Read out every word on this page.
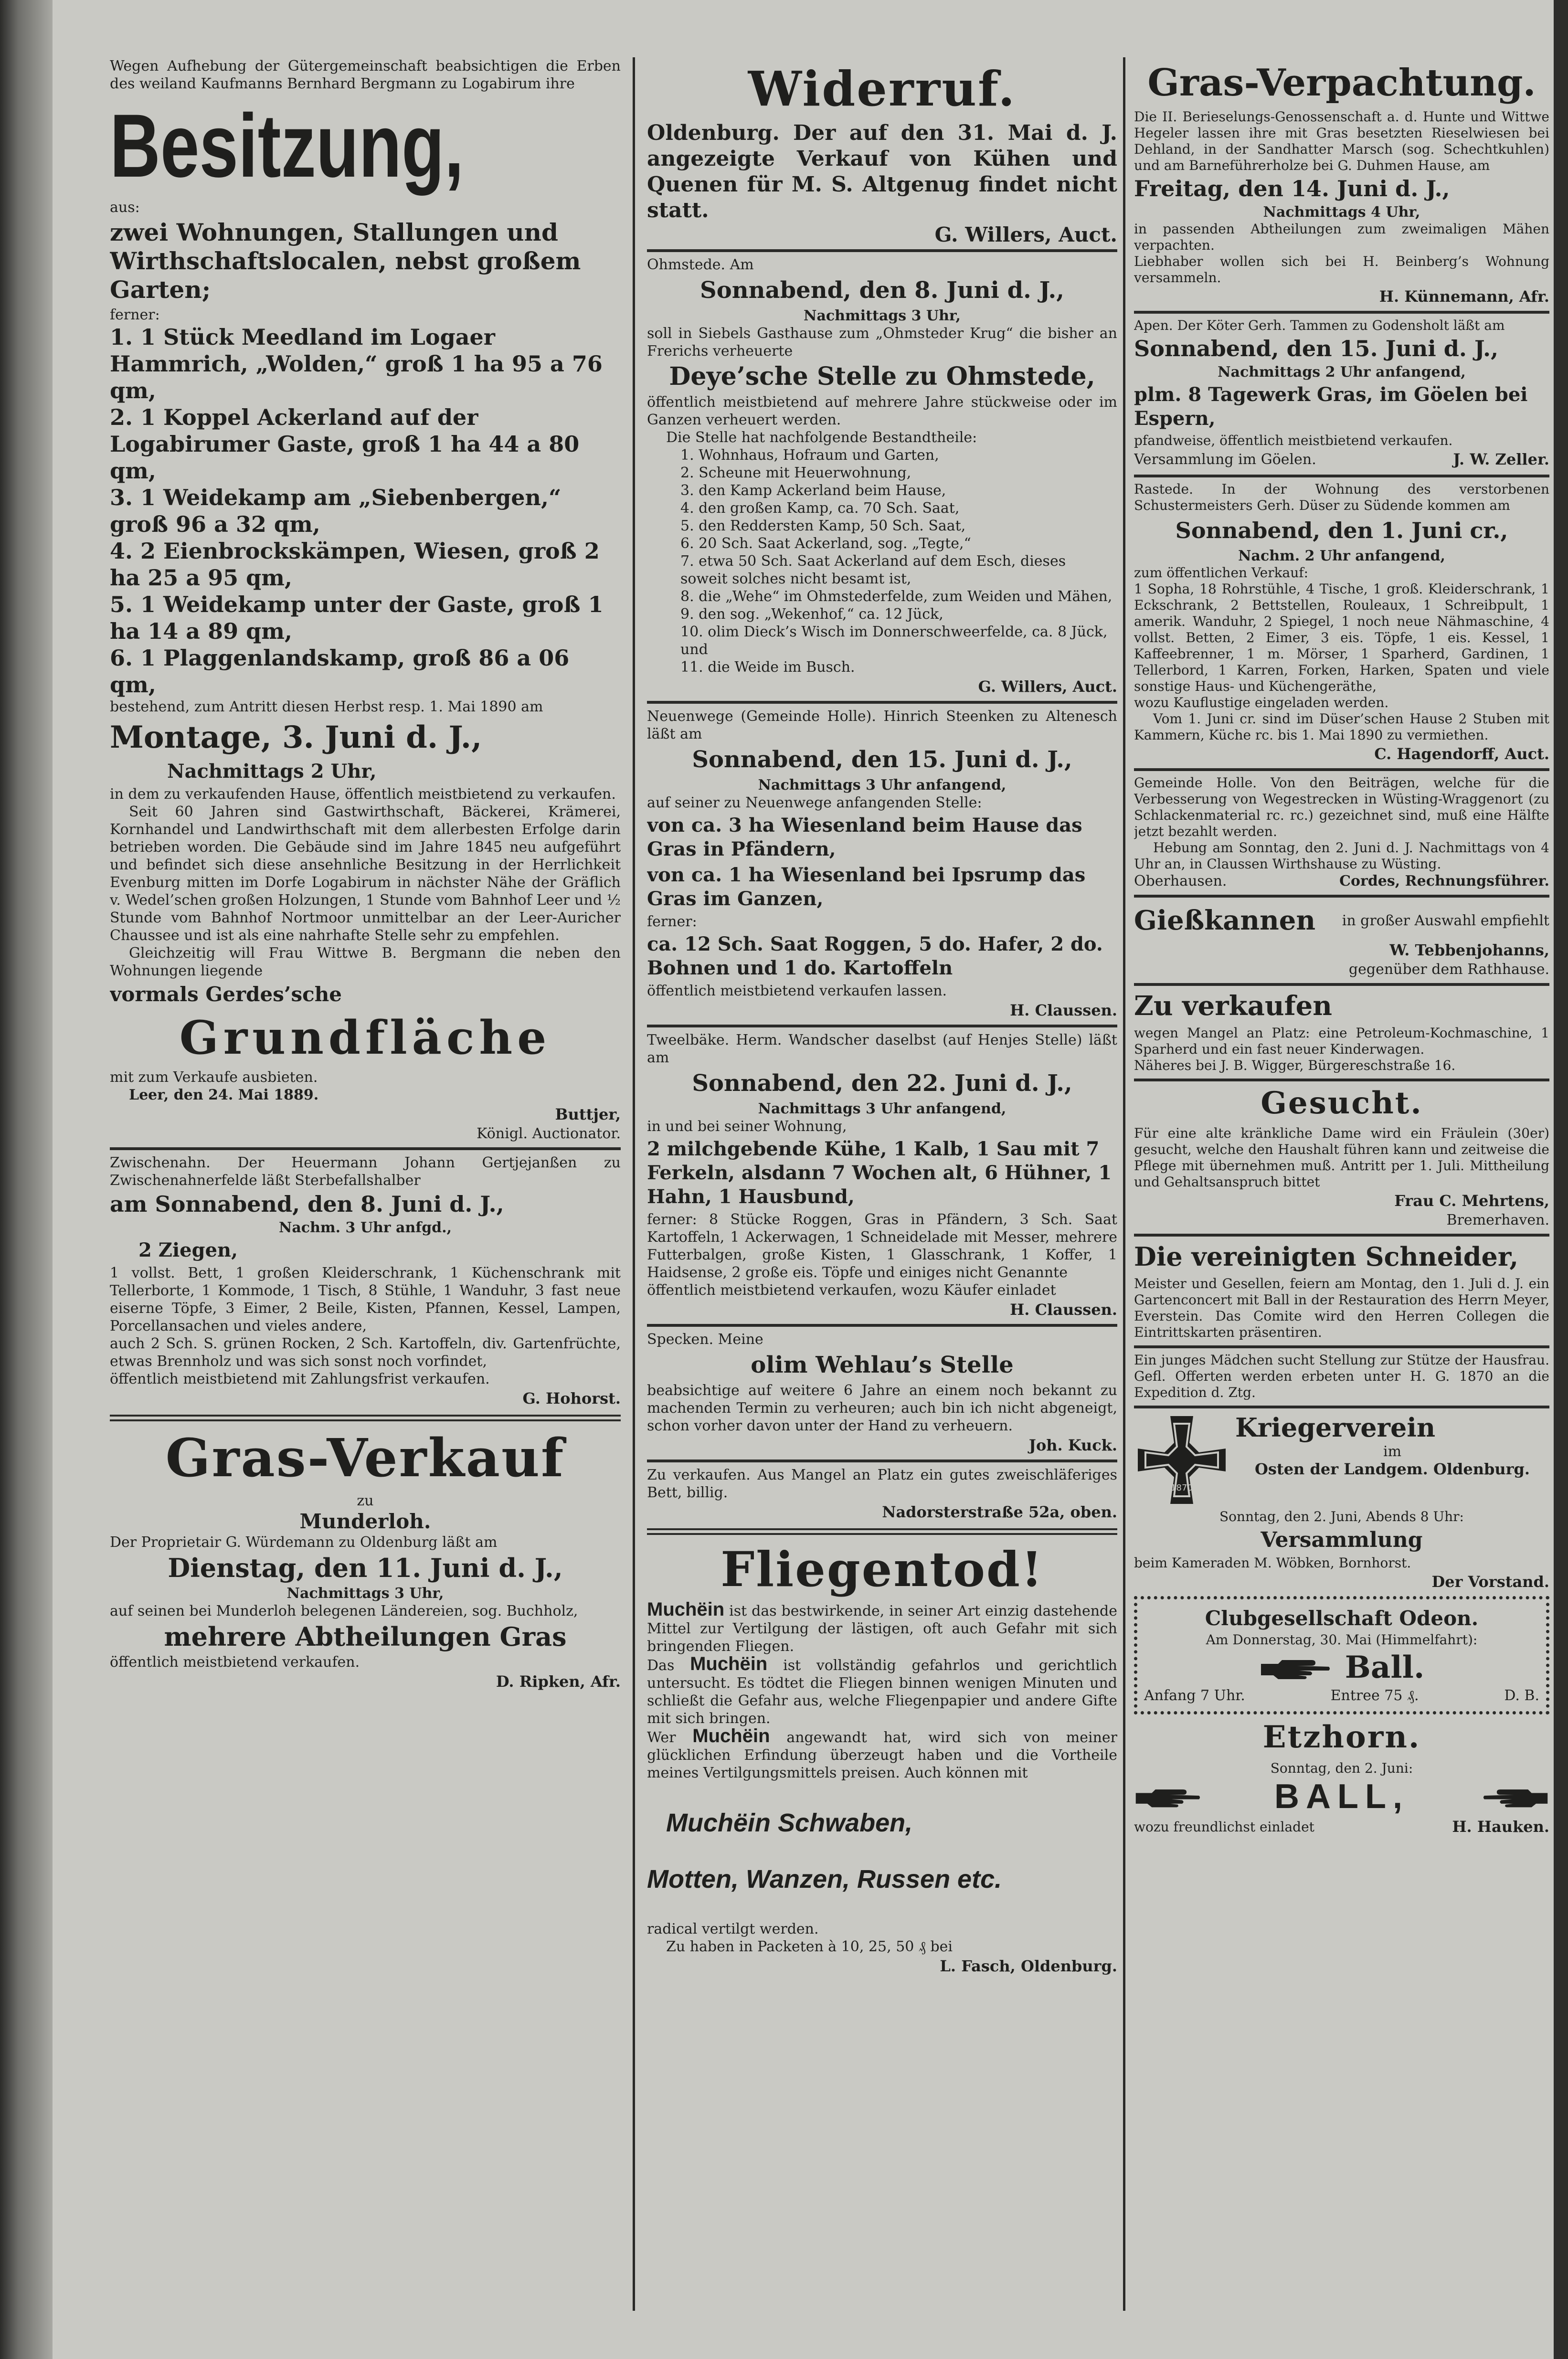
Wegen Aufhebung der Gütergemeinschaft beabsichtigen die Erben des weiland Kaufmanns Bernhard Bergmann zu Logabirum ihre

Besitzung,

aus:

zwei Wohnungen, Stallungen und Wirthschaftslocalen, nebst großem Garten;

ferner:

1. 1 Stück Meedland im Logaer Hammrich, „Wolden,“ groß 1 ha 95 a 76 qm,

2. 1 Koppel Ackerland auf der Logabirumer Gaste, groß 1 ha 44 a 80 qm,

3. 1 Weidekamp am „Siebenbergen,“ groß 96 a 32 qm,

4. 2 Eienbrockskämpen, Wiesen, groß 2 ha 25 a 95 qm,

5. 1 Weidekamp unter der Gaste, groß 1 ha 14 a 89 qm,

6. 1 Plaggenlandskamp, groß 86 a 06 qm,

bestehend, zum Antritt diesen Herbst resp. 1. Mai 1890 am

Montage, 3. Juni d. J.,

Nachmittags 2 Uhr,

in dem zu verkaufenden Hause, öffentlich meistbietend zu verkaufen.

Seit 60 Jahren sind Gastwirthschaft, Bäckerei, Krämerei, Kornhandel und Landwirthschaft mit dem allerbesten Erfolge darin betrieben worden. Die Gebäude sind im Jahre 1845 neu aufgeführt und befindet sich diese ansehnliche Besitzung in der Herrlichkeit Evenburg mitten im Dorfe Logabirum in nächster Nähe der Gräflich v. Wedel’schen großen Holzungen, 1 Stunde vom Bahnhof Leer und ½ Stunde vom Bahnhof Nortmoor unmittelbar an der Leer-Auricher Chaussee und ist als eine nahrhafte Stelle sehr zu empfehlen.

Gleichzeitig will Frau Wittwe B. Bergmann die neben den Wohnungen liegende

vormals Gerdes’sche

Grundfläche

mit zum Verkaufe ausbieten.

Leer, den 24. Mai 1889.

Buttjer,

Königl. Auctionator.

Zwischenahn. Der Heuermann Johann Gertjejanßen zu Zwischenahnerfelde läßt Sterbefallshalber

am Sonnabend, den 8. Juni d. J.,

Nachm. 3 Uhr anfgd.,

2 Ziegen,

1 vollst. Bett, 1 großen Kleiderschrank, 1 Küchenschrank mit Tellerborte, 1 Kommode, 1 Tisch, 8 Stühle, 1 Wanduhr, 3 fast neue eiserne Töpfe, 3 Eimer, 2 Beile, Kisten, Pfannen, Kessel, Lampen, Porcellansachen und vieles andere,

auch 2 Sch. S. grünen Rocken, 2 Sch. Kartoffeln, div. Gartenfrüchte, etwas Brennholz und was sich sonst noch vorfindet,

öffentlich meistbietend mit Zahlungsfrist verkaufen.

G. Hohorst.

Gras-Verkauf

zu

Munderloh.

Der Proprietair G. Würdemann zu Oldenburg läßt am

Dienstag, den 11. Juni d. J.,

Nachmittags 3 Uhr,

auf seinen bei Munderloh belegenen Ländereien, sog. Buchholz,

mehrere Abtheilungen Gras

öffentlich meistbietend verkaufen.

D. Ripken, Afr.

Widerruf.

Oldenburg. Der auf den 31. Mai d. J. angezeigte Verkauf von Kühen und Quenen für M. S. Altgenug findet nicht statt.

G. Willers, Auct.

Ohmstede. Am

Sonnabend, den 8. Juni d. J.,

Nachmittags 3 Uhr,

soll in Siebels Gasthause zum „Ohmsteder Krug“ die bisher an Frerichs verheuerte

Deye’sche Stelle zu Ohmstede,

öffentlich meistbietend auf mehrere Jahre stückweise oder im Ganzen verheuert werden.

Die Stelle hat nachfolgende Bestandtheile:

1. Wohnhaus, Hofraum und Garten,

2. Scheune mit Heuerwohnung,

3. den Kamp Ackerland beim Hause,

4. den großen Kamp, ca. 70 Sch. Saat,

5. den Reddersten Kamp, 50 Sch. Saat,

6. 20 Sch. Saat Ackerland, sog. „Tegte,“

7. etwa 50 Sch. Saat Ackerland auf dem Esch, dieses soweit solches nicht besamt ist,

8. die „Wehe“ im Ohmstederfelde, zum Weiden und Mähen,

9. den sog. „Wekenhof,“ ca. 12 Jück,

10. olim Dieck’s Wisch im Donnerschweerfelde, ca. 8 Jück, und

11. die Weide im Busch.

G. Willers, Auct.

Neuenwege (Gemeinde Holle). Hinrich Steenken zu Altenesch läßt am

Sonnabend, den 15. Juni d. J.,

Nachmittags 3 Uhr anfangend,

auf seiner zu Neuenwege anfangenden Stelle:

von ca. 3 ha Wiesenland beim Hause das Gras in Pfändern,

von ca. 1 ha Wiesenland bei Ipsrump das Gras im Ganzen,

ferner:

ca. 12 Sch. Saat Roggen, 5 do. Hafer, 2 do. Bohnen und 1 do. Kartoffeln

öffentlich meistbietend verkaufen lassen.

H. Claussen.

Tweelbäke. Herm. Wandscher daselbst (auf Henjes Stelle) läßt am

Sonnabend, den 22. Juni d. J.,

Nachmittags 3 Uhr anfangend,

in und bei seiner Wohnung,

2 milchgebende Kühe, 1 Kalb, 1 Sau mit 7 Ferkeln, alsdann 7 Wochen alt, 6 Hühner, 1 Hahn, 1 Hausbund,

ferner: 8 Stücke Roggen, Gras in Pfändern, 3 Sch. Saat Kartoffeln, 1 Ackerwagen, 1 Schneidelade mit Messer, mehrere Futterbalgen, große Kisten, 1 Glasschrank, 1 Koffer, 1 Haidsense, 2 große eis. Töpfe und einiges nicht Genannte

öffentlich meistbietend verkaufen, wozu Käufer einladet

H. Claussen.

Specken. Meine

olim Wehlau’s Stelle

beabsichtige auf weitere 6 Jahre an einem noch bekannt zu machenden Termin zu verheuren; auch bin ich nicht abgeneigt, schon vorher davon unter der Hand zu verheuern.

Joh. Kuck.

Zu verkaufen. Aus Mangel an Platz ein gutes zweischläferiges Bett, billig.

Nadorsterstraße 52a, oben.

Fliegentod!

Muchëin ist das bestwirkende, in seiner Art einzig dastehende Mittel zur Vertilgung der lästigen, oft auch Gefahr mit sich bringenden Fliegen.

Das Muchëin ist vollständig gefahrlos und gerichtlich untersucht. Es tödtet die Fliegen binnen wenigen Minuten und schließt die Gefahr aus, welche Fliegenpapier und andere Gifte mit sich bringen.

Wer Muchëin angewandt hat, wird sich von meiner glücklichen Erfindung überzeugt haben und die Vortheile meines Vertilgungsmittels preisen. Auch können mit

Muchëin Schwaben,

Motten, Wanzen, Russen etc.

radical vertilgt werden.

Zu haben in Packeten à 10, 25, 50 ₰ bei

L. Fasch, Oldenburg.

Gras-Verpachtung.

Die II. Berieselungs-Genossenschaft a. d. Hunte und Wittwe Hegeler lassen ihre mit Gras besetzten Rieselwiesen bei Dehland, in der Sandhatter Marsch (sog. Schechtkuhlen) und am Barneführerholze bei G. Duhmen Hause, am

Freitag, den 14. Juni d. J.,

Nachmittags 4 Uhr,

in passenden Abtheilungen zum zweimaligen Mähen verpachten.

Liebhaber wollen sich bei H. Beinberg’s Wohnung versammeln.

H. Künnemann, Afr.

Apen. Der Köter Gerh. Tammen zu Godensholt läßt am

Sonnabend, den 15. Juni d. J.,

Nachmittags 2 Uhr anfangend,

plm. 8 Tagewerk Gras, im Göelen bei Espern,

pfandweise, öffentlich meistbietend verkaufen.

Versammlung im Göelen.	J. W. Zeller.

Rastede. In der Wohnung des verstorbenen Schustermeisters Gerh. Düser zu Südende kommen am

Sonnabend, den 1. Juni cr.,

Nachm. 2 Uhr anfangend,

zum öffentlichen Verkauf:

1 Sopha, 18 Rohrstühle, 4 Tische, 1 groß. Kleiderschrank, 1 Eckschrank, 2 Bettstellen, Rouleaux, 1 Schreibpult, 1 amerik. Wanduhr, 2 Spiegel, 1 noch neue Nähmaschine, 4 vollst. Betten, 2 Eimer, 3 eis. Töpfe, 1 eis. Kessel, 1 Kaffeebrenner, 1 m. Mörser, 1 Sparherd, Gardinen, 1 Tellerbord, 1 Karren, Forken, Harken, Spaten und viele sonstige Haus- und Küchengeräthe,

wozu Kauflustige eingeladen werden.

Vom 1. Juni cr. sind im Düser’schen Hause 2 Stuben mit Kammern, Küche rc. bis 1. Mai 1890 zu vermiethen.

C. Hagendorff, Auct.

Gemeinde Holle. Von den Beiträgen, welche für die Verbesserung von Wegestrecken in Wüsting-Wraggenort (zu Schlackenmaterial rc. rc.) gezeichnet sind, muß eine Hälfte jetzt bezahlt werden.

Hebung am Sonntag, den 2. Juni d. J. Nachmittags von 4 Uhr an, in Claussen Wirthshause zu Wüsting.

Oberhausen.	Cordes, Rechnungsführer.
Gießkannen in großer Auswahl empfiehlt

W. Tebbenjohanns,

gegenüber dem Rathhause.

Zu verkaufen

wegen Mangel an Platz: eine Petroleum-Kochmaschine, 1 Sparherd und ein fast neuer Kinderwagen.

Näheres bei J. B. Wigger, Bürgereschstraße 16.

Gesucht.

Für eine alte kränkliche Dame wird ein Fräulein (30er) gesucht, welche den Haushalt führen kann und zeitweise die Pflege mit übernehmen muß. Antritt per 1. Juli. Mittheilung und Gehaltsanspruch bittet

Frau C. Mehrtens,

Bremerhaven.

Die vereinigten Schneider,

Meister und Gesellen, feiern am Montag, den 1. Juli d. J. ein Gartenconcert mit Ball in der Restauration des Herrn Meyer, Everstein. Das Comite wird den Herren Collegen die Eintrittskarten präsentiren.

Ein junges Mädchen sucht Stellung zur Stütze der Hausfrau. Gefl. Offerten werden erbeten unter H. G. 1870 an die Expedition d. Ztg.

1870

Kriegerverein

im

Osten der Landgem. Oldenburg.

Sonntag, den 2. Juni, Abends 8 Uhr:

Versammlung

beim Kameraden M. Wöbken, Bornhorst.

Der Vorstand.

Clubgesellschaft Odeon.

Am Donnerstag, 30. Mai (Himmelfahrt):

Ball.
Anfang 7 Uhr.	Entree 75 ₰.	D. B.

Etzhorn.

Sonntag, den 2. Juni:

BALL,
wozu freundlichst einladet	H. Hauken.
